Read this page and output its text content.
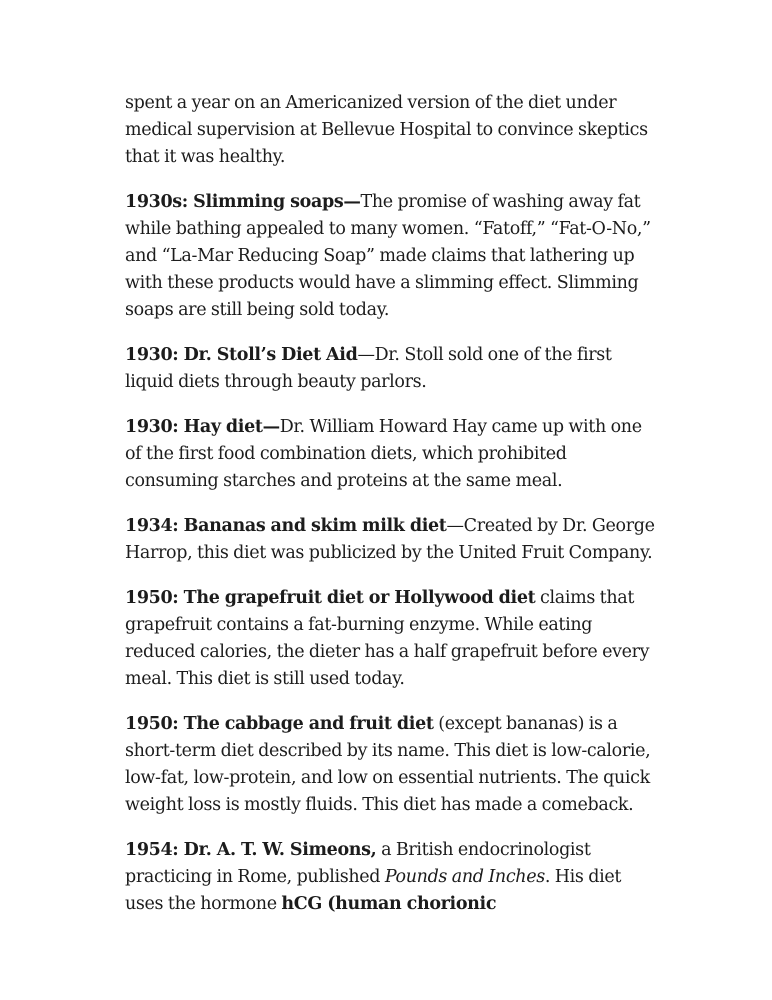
spent a year on an Americanized version of the diet under medical supervision at Bellevue Hospital to convince skeptics that it was healthy.

1930s: Slimming soaps—The promise of washing away fat while bathing appealed to many women. “Fatoff,” “Fat-O-No,” and “La-Mar Reducing Soap” made claims that lathering up with these products would have a slimming effect. Slimming soaps are still being sold today.

1930: Dr. Stoll’s Diet Aid—Dr. Stoll sold one of the first liquid diets through beauty parlors.

1930: Hay diet—Dr. William Howard Hay came up with one of the first food combination diets, which prohibited consuming starches and proteins at the same meal.

1934: Bananas and skim milk diet—Created by Dr. George Harrop, this diet was publicized by the United Fruit Company.

1950: The grapefruit diet or Hollywood diet claims that grapefruit contains a fat-burning enzyme. While eating reduced calories, the dieter has a half grapefruit before every meal. This diet is still used today.

1950: The cabbage and fruit diet (except bananas) is a short-term diet described by its name. This diet is low-calorie, low-fat, low-protein, and low on essential nutrients. The quick weight loss is mostly fluids. This diet has made a comeback.

1954: Dr. A. T. W. Simeons, a British endocrinologist practicing in Rome, published Pounds and Inches. His diet uses the hormone hCG (human chorionic
